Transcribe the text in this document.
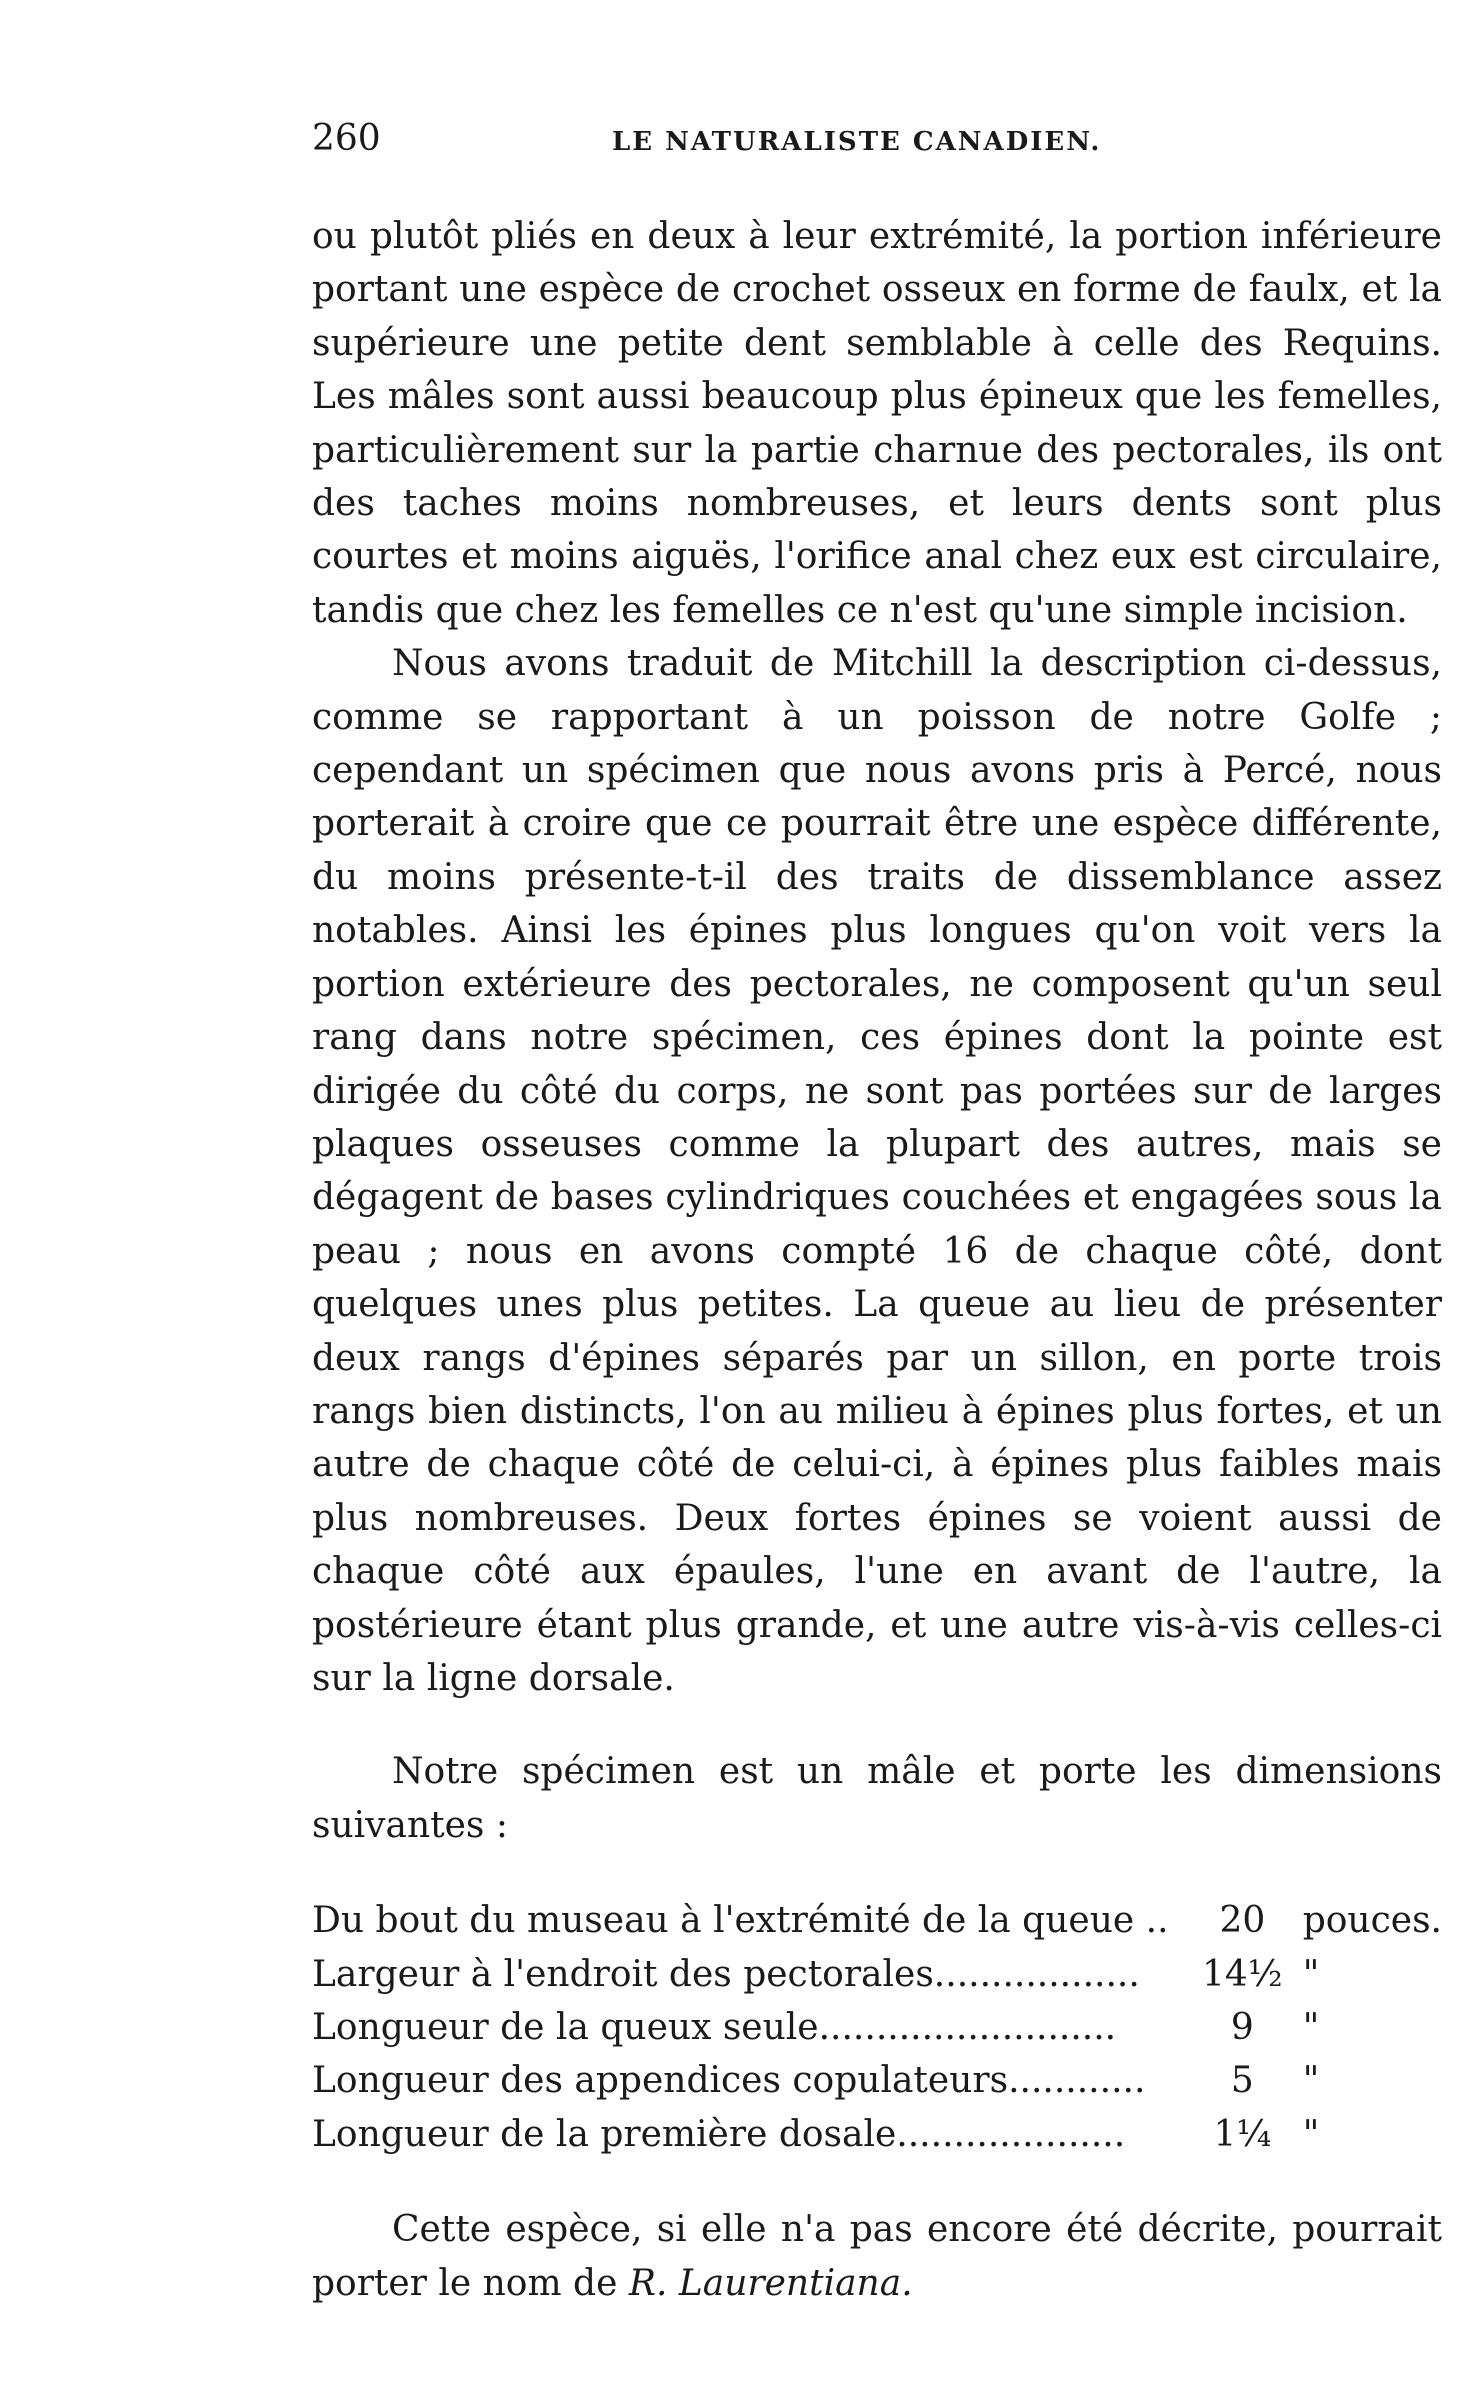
260	LE NATURALISTE CANADIEN.

ou plutôt pliés en deux à leur extrémité, la portion inférieure portant une espèce de crochet osseux en forme de faulx, et la supérieure une petite dent semblable à celle des Requins. Les mâles sont aussi beaucoup plus épineux que les femelles, particulièrement sur la partie charnue des pectorales, ils ont des taches moins nombreuses, et leurs dents sont plus courtes et moins aiguës, l'orifice anal chez eux est circulaire, tandis que chez les femelles ce n'est qu'une simple incision.

Nous avons traduit de Mitchill la description ci-dessus, comme se rapportant à un poisson de notre Golfe ; cependant un spécimen que nous avons pris à Percé, nous porterait à croire que ce pourrait être une espèce différente, du moins présente-t-il des traits de dissemblance assez notables. Ainsi les épines plus longues qu'on voit vers la portion extérieure des pectorales, ne composent qu'un seul rang dans notre spécimen, ces épines dont la pointe est dirigée du côté du corps, ne sont pas portées sur de larges plaques osseuses comme la plupart des autres, mais se dégagent de bases cylindriques couchées et engagées sous la peau ; nous en avons compté 16 de chaque côté, dont quelques unes plus petites. La queue au lieu de présenter deux rangs d'épines séparés par un sillon, en porte trois rangs bien distincts, l'on au milieu à épines plus fortes, et un autre de chaque côté de celui-ci, à épines plus faibles mais plus nombreuses. Deux fortes épines se voient aussi de chaque côté aux épaules, l'une en avant de l'autre, la postérieure étant plus grande, et une autre vis-à-vis celles-ci sur la ligne dorsale.

Notre spécimen est un mâle et porte les dimensions suivantes :

Du bout du museau à l'extrémité de la queue ..	20	pouces.
Largeur à l'endroit des pectorales..................	14½	"
Longueur de la queux seule..........................	9	"
Longueur des appendices copulateurs............	5	"
Longueur de la première dosale....................	1¼	"

Cette espèce, si elle n'a pas encore été décrite, pourrait porter le nom de R. Laurentiana.
